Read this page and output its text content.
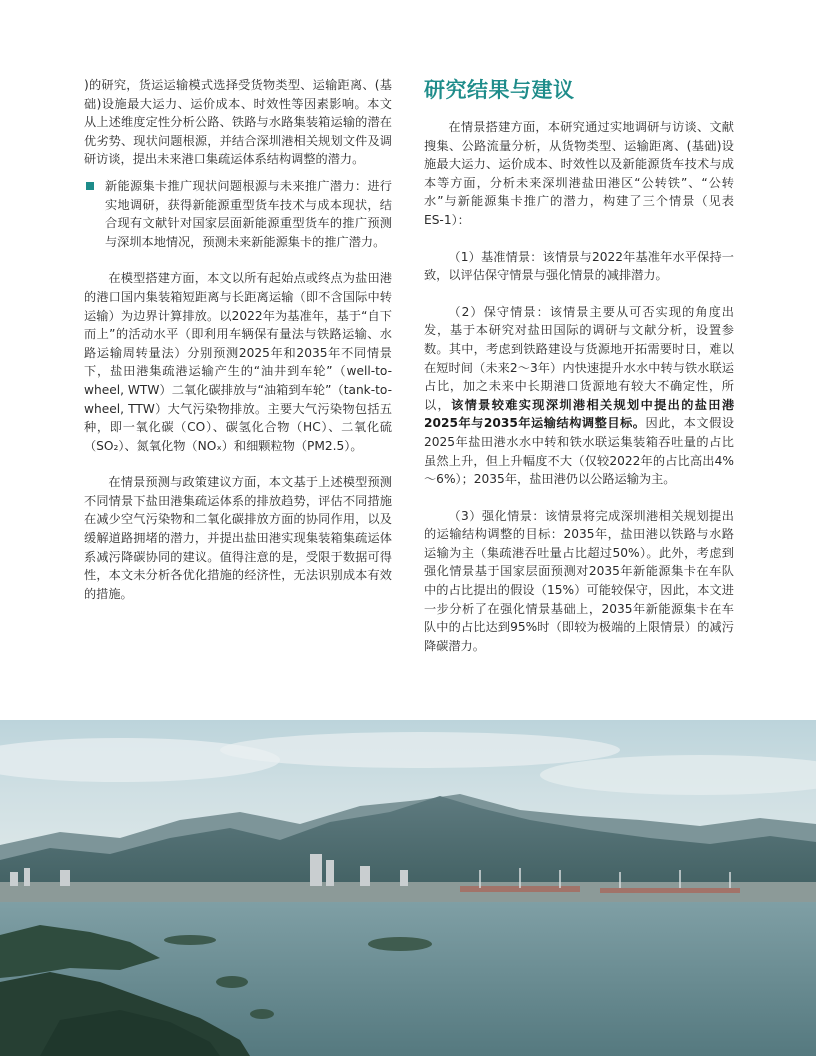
)的研究，货运运输模式选择受货物类型、运输距离、(基础)设施最大运力、运价成本、时效性等因素影响。本文从上述维度定性分析公路、铁路与水路集装箱运输的潜在优劣势、现状问题根源，并结合深圳港相关规划文件及调研访谈，提出未来港口集疏运体系结构调整的潜力。

新能源集卡推广现状问题根源与未来推广潜力：进行实地调研，获得新能源重型货车技术与成本现状，结合现有文献针对国家层面新能源重型货车的推广预测与深圳本地情况，预测未来新能源集卡的推广潜力。

在模型搭建方面，本文以所有起始点或终点为盐田港的港口国内集装箱短距离与长距离运输（即不含国际中转运输）为边界计算排放。以2022年为基准年，基于“自下而上”的活动水平（即利用车辆保有量法与铁路运输、水路运输周转量法）分别预测2025年和2035年不同情景下，盐田港集疏港运输产生的“油井到车轮”（well-to-wheel, WTW）二氧化碳排放与“油箱到车轮”（tank-to-wheel, TTW）大气污染物排放。主要大气污染物包括五种，即一氧化碳（CO）、碳氢化合物（HC）、二氧化硫（SO₂）、氮氧化物（NOₓ）和细颗粒物（PM2.5）。

在情景预测与政策建议方面，本文基于上述模型预测不同情景下盐田港集疏运体系的排放趋势，评估不同措施在减少空气污染物和二氧化碳排放方面的协同作用，以及缓解道路拥堵的潜力，并提出盐田港实现集装箱集疏运体系减污降碳协同的建议。值得注意的是，受限于数据可得性，本文未分析各优化措施的经济性，无法识别成本有效的措施。

研究结果与建议

在情景搭建方面，本研究通过实地调研与访谈、文献搜集、公路流量分析，从货物类型、运输距离、(基础)设施最大运力、运价成本、时效性以及新能源货车技术与成本等方面，分析未来深圳港盐田港区“公转铁”、“公转水”与新能源集卡推广的潜力，构建了三个情景（见表 ES-1）：

（1）基准情景：该情景与2022年基准年水平保持一致，以评估保守情景与强化情景的减排潜力。

（2）保守情景：该情景主要从可否实现的角度出发，基于本研究对盐田国际的调研与文献分析，设置参数。其中，考虑到铁路建设与货源地开拓需要时日，难以在短时间（未来2～3年）内快速提升水水中转与铁水联运占比，加之未来中长期港口货源地有较大不确定性，所以，该情景较难实现深圳港相关规划中提出的盐田港2025年与2035年运输结构调整目标。因此，本文假设2025年盐田港水水中转和铁水联运集装箱吞吐量的占比虽然上升，但上升幅度不大（仅较2022年的占比高出4%～6%）；2035年，盐田港仍以公路运输为主。

（3）强化情景：该情景将完成深圳港相关规划提出的运输结构调整的目标：2035年，盐田港以铁路与水路运输为主（集疏港吞吐量占比超过50%）。此外，考虑到强化情景基于国家层面预测对2035年新能源集卡在车队中的占比提出的假设（15%）可能较保守，因此，本文进一步分析了在强化情景基础上，2035年新能源集卡在车队中的占比达到95%时（即较为极端的上限情景）的减污降碳潜力。
